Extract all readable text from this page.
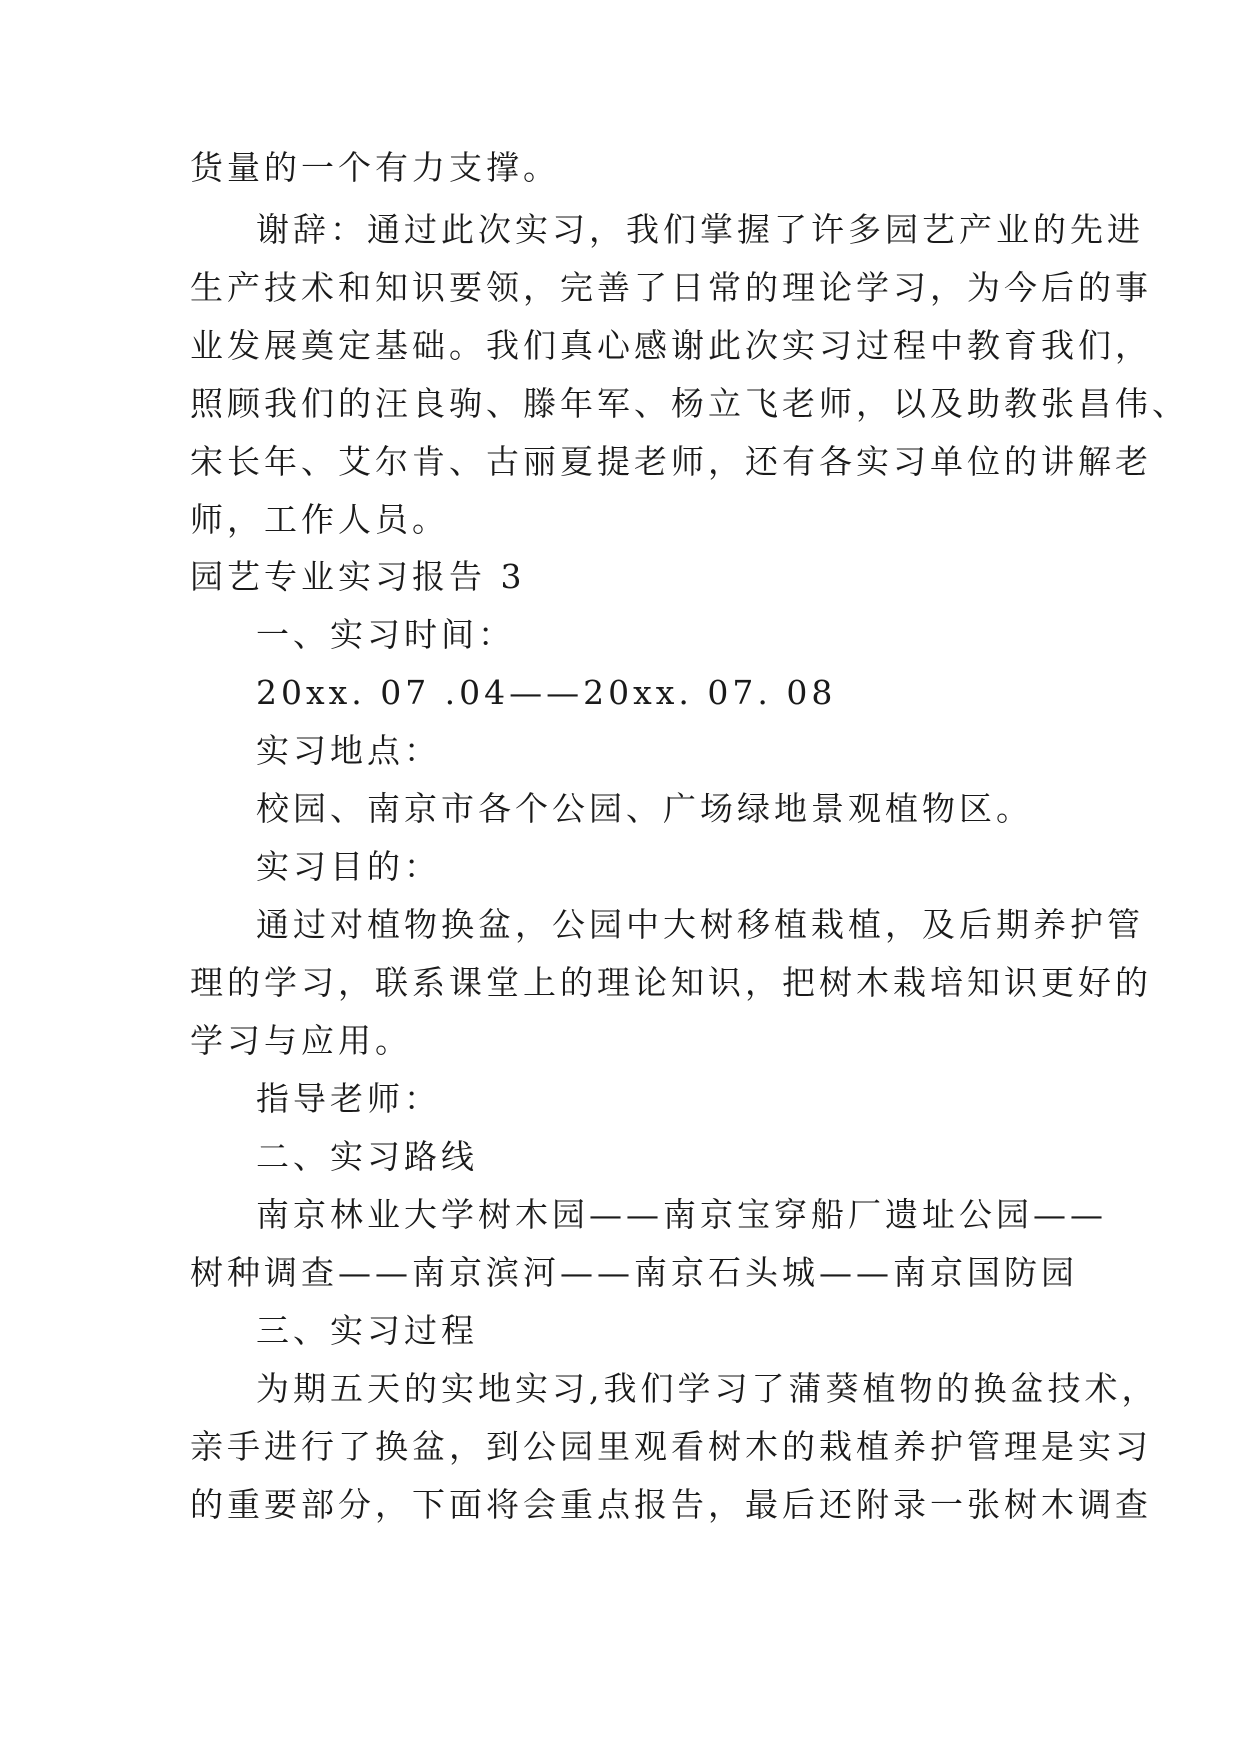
货量的一个有力支撑。
谢辞：通过此次实习，我们掌握了许多园艺产业的先进
生产技术和知识要领，完善了日常的理论学习，为今后的事
业发展奠定基础。我们真心感谢此次实习过程中教育我们，
照顾我们的汪良驹、滕年军、杨立飞老师，以及助教张昌伟、
宋长年、艾尔肯、古丽夏提老师，还有各实习单位的讲解老
师，工作人员。
园艺专业实习报告 3
一、实习时间：
20xx. 07 .04——20xx. 07. 08
实习地点：
校园、南京市各个公园、广场绿地景观植物区。
实习目的：
通过对植物换盆，公园中大树移植栽植，及后期养护管
理的学习，联系课堂上的理论知识，把树木栽培知识更好的
学习与应用。
指导老师：
二、实习路线
南京林业大学树木园——南京宝穿船厂遗址公园——
树种调查——南京滨河——南京石头城——南京国防园
三、实习过程
为期五天的实地实习,我们学习了蒲葵植物的换盆技术，
亲手进行了换盆，到公园里观看树木的栽植养护管理是实习
的重要部分，下面将会重点报告，最后还附录一张树木调查
